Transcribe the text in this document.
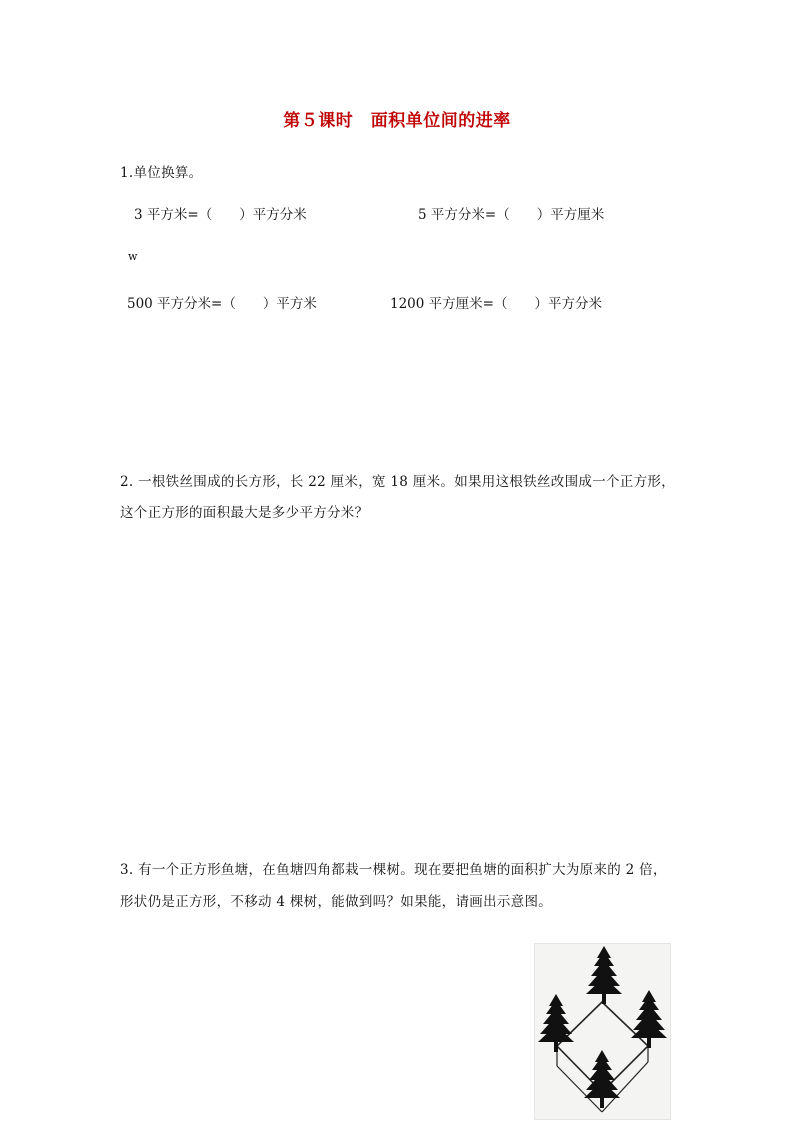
第５课时　面积单位间的进率
1.单位换算。
3 平方米=（　　）平方分米	5 平方分米=（　　）平方厘米
w
500 平方分米=（　　）平方米	1200 平方厘米=（　　）平方分米
2. 一根铁丝围成的长方形，长 22 厘米，宽 18 厘米。如果用这根铁丝改围成一个正方形，
这个正方形的面积最大是多少平方分米？
3. 有一个正方形鱼塘，在鱼塘四角都栽一棵树。现在要把鱼塘的面积扩大为原来的 2 倍，
形状仍是正方形，不移动 4 棵树，能做到吗？如果能，请画出示意图。
